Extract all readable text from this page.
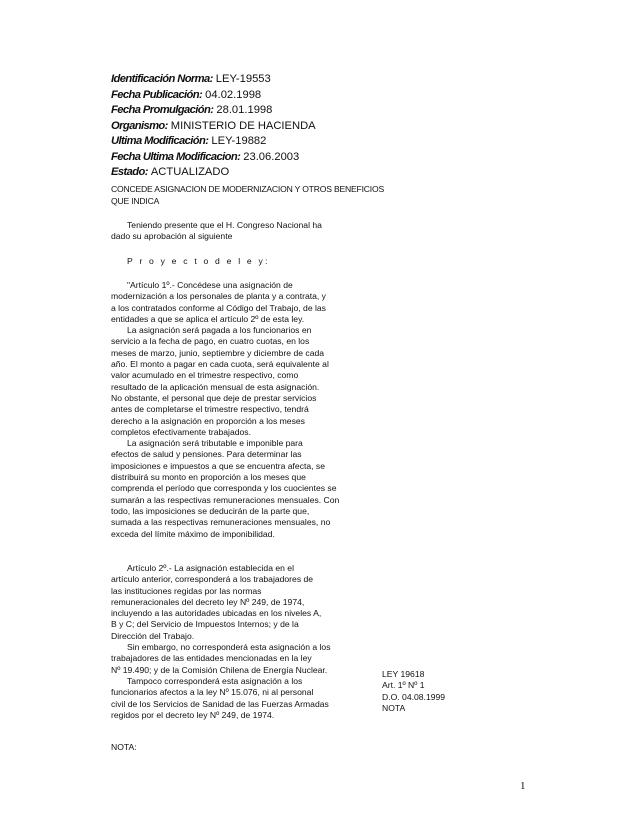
Identificación Norma: LEY-19553
Fecha Publicación: 04.02.1998
Fecha Promulgación: 28.01.1998
Organismo: MINISTERIO DE HACIENDA
Ultima Modificación: LEY-19882
Fecha Ultima Modificacion: 23.06.2003
Estado: ACTUALIZADO
CONCEDE ASIGNACION DE MODERNIZACION Y OTROS BENEFICIOS
QUE INDICA

Teniendo presente que el H. Congreso Nacional ha
dado su aprobación al siguiente

P r o y e c t o d e l e y:

"Artículo 1º.- Concédese una asignación de
modernización a los personales de planta y a contrata, y
a los contratados conforme al Código del Trabajo, de las
entidades a que se aplica el artículo 2º de esta ley.

La asignación será pagada a los funcionarios en
servicio a la fecha de pago, en cuatro cuotas, en los
meses de marzo, junio, septiembre y diciembre de cada
año. El monto a pagar en cada cuota, será equivalente al
valor acumulado en el trimestre respectivo, como
resultado de la aplicación mensual de esta asignación.
No obstante, el personal que deje de prestar servicios
antes de completarse el trimestre respectivo, tendrá
derecho a la asignación en proporción a los meses
completos efectivamente trabajados.

La asignación será tributable e imponible para
efectos de salud y pensiones. Para determinar las
imposiciones e impuestos a que se encuentra afecta, se
distribuirá su monto en proporción a los meses que
comprenda el período que corresponda y los cuocientes se
sumarán a las respectivas remuneraciones mensuales. Con
todo, las imposiciones se deducirán de la parte que,
sumada a las respectivas remuneraciones mensuales, no
exceda del límite máximo de imponibilidad.

Artículo 2º.- La asignación establecida en el
artículo anterior, corresponderá a los trabajadores de
las instituciones regidas por las normas
remuneracionales del decreto ley Nº 249, de 1974,
incluyendo a las autoridades ubicadas en los niveles A,
B y C; del Servicio de Impuestos Internos; y de la
Dirección del Trabajo.

Sin embargo, no corresponderá esta asignación a los
trabajadores de las entidades mencionadas en la ley
Nº 19.490; y de la Comisión Chilena de Energía Nuclear.

Tampoco corresponderá esta asignación a los
funcionarios afectos a la ley Nº 15.076, ni al personal
civil de los Servicios de Sanidad de las Fuerzas Armadas
regidos por el decreto ley Nº 249, de 1974.

NOTA:

LEY 19618
Art. 1º Nº 1
D.O. 04.08.1999
NOTA
1
